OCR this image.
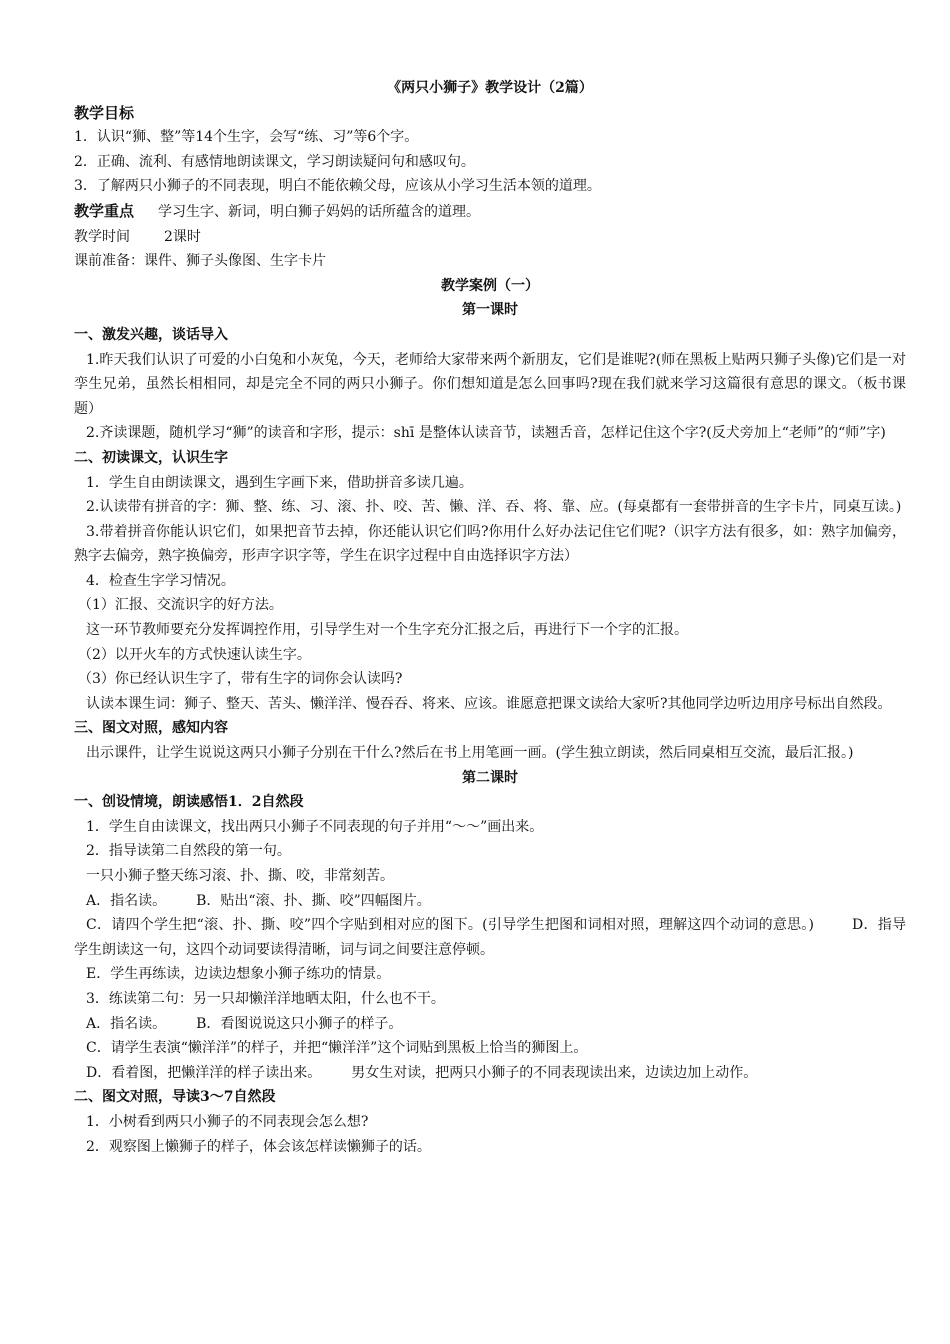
《两只小狮子》教学设计（2篇）
教学目标
1．认识“狮、整”等14个生字，会写“练、习”等6个字。
2．正确、流利、有感情地朗读课文，学习朗读疑问句和感叹句。
3．了解两只小狮子的不同表现，明白不能依赖父母，应该从小学习生活本领的道理。
教学重点 学习生字、新词，明白狮子妈妈的话所蕴含的道理。
教学时间 2课时
课前准备：课件、狮子头像图、生字卡片
教学案例（一）
第一课时
一、激发兴趣，谈话导入
1.昨天我们认识了可爱的小白兔和小灰兔，今天，老师给大家带来两个新朋友，它们是谁呢?(师在黑板上贴两只狮子头像)它们是一对孪生兄弟，虽然长相相同，却是完全不同的两只小狮子。你们想知道是怎么回事吗?现在我们就来学习这篇很有意思的课文。（板书课题）
2.齐读课题，随机学习“狮”的读音和字形，提示：shī 是整体认读音节，读翘舌音，怎样记住这个字?(反犬旁加上“老师”的“师”字)
二、初读课文，认识生字
1．学生自由朗读课文，遇到生字画下来，借助拼音多读几遍。
2.认读带有拼音的字：狮、整、练、习、滚、扑、咬、苦、懒、洋、吞、将、靠、应。(每桌都有一套带拼音的生字卡片，同桌互读。)
3.带着拼音你能认识它们，如果把音节去掉，你还能认识它们吗?你用什么好办法记住它们呢?（识字方法有很多，如：熟字加偏旁，熟字去偏旁，熟字换偏旁，形声字识字等，学生在识字过程中自由选择识字方法）
4．检查生字学习情况。
（1）汇报、交流识字的好方法。
这一环节教师要充分发挥调控作用，引导学生对一个生字充分汇报之后，再进行下一个字的汇报。
（2）以开火车的方式快速认读生字。
（3）你已经认识生字了，带有生字的词你会认读吗?
认读本课生词：狮子、整天、苦头、懒洋洋、慢吞吞、将来、应该。谁愿意把课文读给大家听?其他同学边听边用序号标出自然段。
三、图文对照，感知内容
出示课件，让学生说说这两只小狮子分别在干什么?然后在书上用笔画一画。(学生独立朗读，然后同桌相互交流，最后汇报。)
第二课时
一、创设情境，朗读感悟1．2自然段
1．学生自由读课文，找出两只小狮子不同表现的句子并用“～～”画出来。
2．指导读第二自然段的第一句。
一只小狮子整天练习滚、扑、撕、咬，非常刻苦。
A．指名读。 B．贴出“滚、扑、撕、咬”四幅图片。
C．请四个学生把“滚、扑、撕、咬”四个字贴到相对应的图下。(引导学生把图和词相对照，理解这四个动词的意思。)	D．指导学生朗读这一句，这四个动词要读得清晰，词与词之间要注意停顿。
E．学生再练读，边读边想象小狮子练功的情景。
3．练读第二句：另一只却懒洋洋地晒太阳，什么也不干。
A．指名读。 B．看图说说这只小狮子的样子。
C．请学生表演“懒洋洋”的样子，并把“懒洋洋”这个词贴到黑板上恰当的狮图上。
D．看着图，把懒洋洋的样子读出来。 男女生对读，把两只小狮子的不同表现读出来，边读边加上动作。
二、图文对照，导读3～7自然段
1．小树看到两只小狮子的不同表现会怎么想?
2．观察图上懒狮子的样子，体会该怎样读懒狮子的话。
